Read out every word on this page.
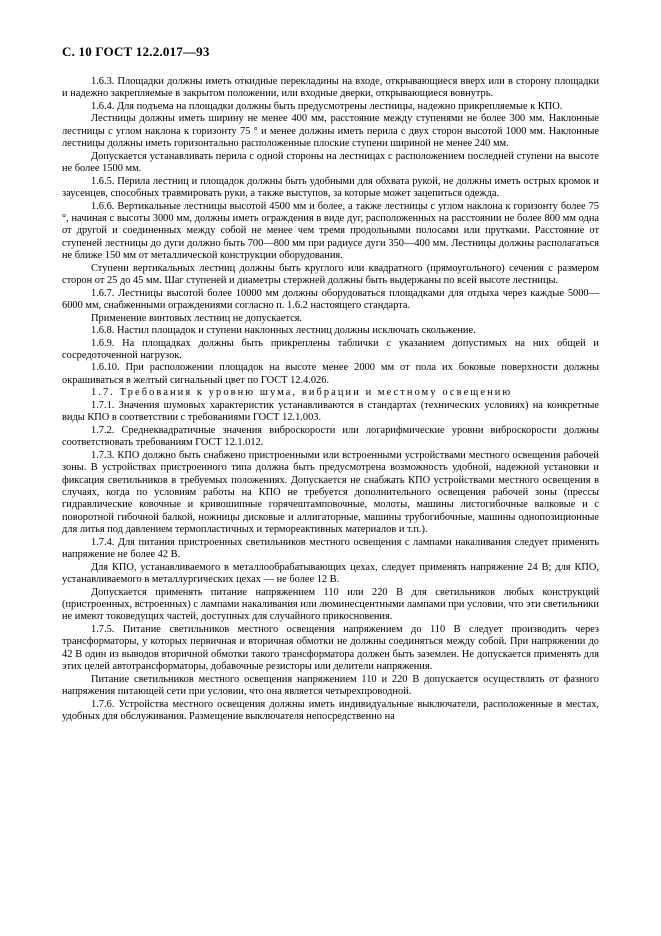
С. 10 ГОСТ 12.2.017—93

1.6.3. Площадки должны иметь откидные перекладины на входе, открывающиеся вверх или в сторону площадки и надежно закрепляемые в закрытом положении, или входные дверки, открывающиеся вовнутрь.

1.6.4. Для подъема на площадки должны быть предусмотрены лестницы, надежно прикрепляемые к КПО.

Лестницы должны иметь ширину не менее 400 мм, расстояние между ступенями не более 300 мм. Наклонные лестницы с углом наклона к горизонту 75 ° и менее должны иметь перила с двух сторон высотой 1000 мм. Наклонные лестницы должны иметь горизонтально расположенные плоские ступени шириной не менее 240 мм.

Допускается устанавливать перила с одной стороны на лестницах с расположением последней ступени на высоте не более 1500 мм.

1.6.5. Перила лестниц и площадок должны быть удобными для обхвата рукой, не должны иметь острых кромок и заусенцев, способных травмировать руки, а также выступов, за которые может зацепиться одежда.

1.6.6. Вертикальные лестницы высотой 4500 мм и более, а также лестницы с углом наклона к горизонту более 75 °, начиная с высоты 3000 мм, должны иметь ограждения в виде дуг, расположенных на расстоянии не более 800 мм одна от другой и соединенных между собой не менее чем тремя продольными полосами или прутками. Расстояние от ступеней лестницы до дуги должно быть 700—800 мм при радиусе дуги 350—400 мм. Лестницы должны располагаться не ближе 150 мм от металлической конструкции оборудования.

Ступени вертикальных лестниц должны быть круглого или квадратного (прямоугольного) сечения с размером сторон от 25 до 45 мм. Шаг ступеней и диаметры стержней должны быть выдержаны по всей высоте лестницы.

1.6.7. Лестницы высотой более 10000 мм должны оборудоваться площадками для отдыха через каждые 5000—6000 мм, снабженными ограждениями согласно п. 1.6.2 настоящего стандарта.

Применение винтовых лестниц не допускается.

1.6.8. Настил площадок и ступени наклонных лестниц должны исключать скольжение.

1.6.9. На площадках должны быть прикреплены таблички с указанием допустимых на них общей и сосредоточенной нагрузок.

1.6.10. При расположении площадок на высоте менее 2000 мм от пола их боковые поверхности должны окрашиваться в желтый сигнальный цвет по ГОСТ 12.4.026.

1.7. Требования к уровню шума, вибрации и местному освещению

1.7.1. Значения шумовых характеристик устанавливаются в стандартах (технических условиях) на конкретные виды КПО в соответствии с требованиями ГОСТ 12.1.003.

1.7.2. Среднеквадратичные значения виброскорости или логарифмические уровни виброскорости должны соответствовать требованиям ГОСТ 12.1.012.

1.7.3. КПО должно быть снабжено пристроенными или встроенными устройствами местного освещения рабочей зоны. В устройствах пристроенного типа должна быть предусмотрена возможность удобной, надежной установки и фиксация светильников в требуемых положениях. Допускается не снабжать КПО устройствами местного освещения в случаях, когда по условиям работы на КПО не требуется дополнительного освещения рабочей зоны (прессы гидравлические ковочные и кривошипные горячештамповочные, молоты, машины листогибочные валковые и с поворотной гибочной балкой, ножницы дисковые и аллигаторные, машины трубогибочные, машины однопозиционные для литья под давлением термопластичных и термореактивных материалов и т.п.).

1.7.4. Для питания пристроенных светильников местного освещения с лампами накаливания следует применять напряжение не более 42 В.

Для КПО, устанавливаемого в металлообрабатывающих цехах, следует применять напряжение 24 В; для КПО, устанавливаемого в металлургических цехах — не более 12 В.

Допускается применять питание напряжением 110 или 220 В для светильников любых конструкций (пристроенных, встроенных) с лампами накаливания или люминесцентными лампами при условии, что эти светильники не имеют токоведущих частей, доступных для случайного прикосновения.

1.7.5. Питание светильников местного освещения напряжением до 110 В следует производить через трансформаторы, у которых первичная и вторичная обмотки не должны соединяться между собой. При напряжении до 42 В один из выводов вторичной обмотки такого трансформатора должен быть заземлен. Не допускается применять для этих целей автотрансформаторы, добавочные резисторы или делители напряжения.

Питание светильников местного освещения напряжением 110 и 220 В допускается осуществлять от фазного напряжения питающей сети при условии, что она является четырехпроводной.

1.7.6. Устройства местного освещения должны иметь индивидуальные выключатели, расположенные в местах, удобных для обслуживания. Размещение выключателя непосредственно на
